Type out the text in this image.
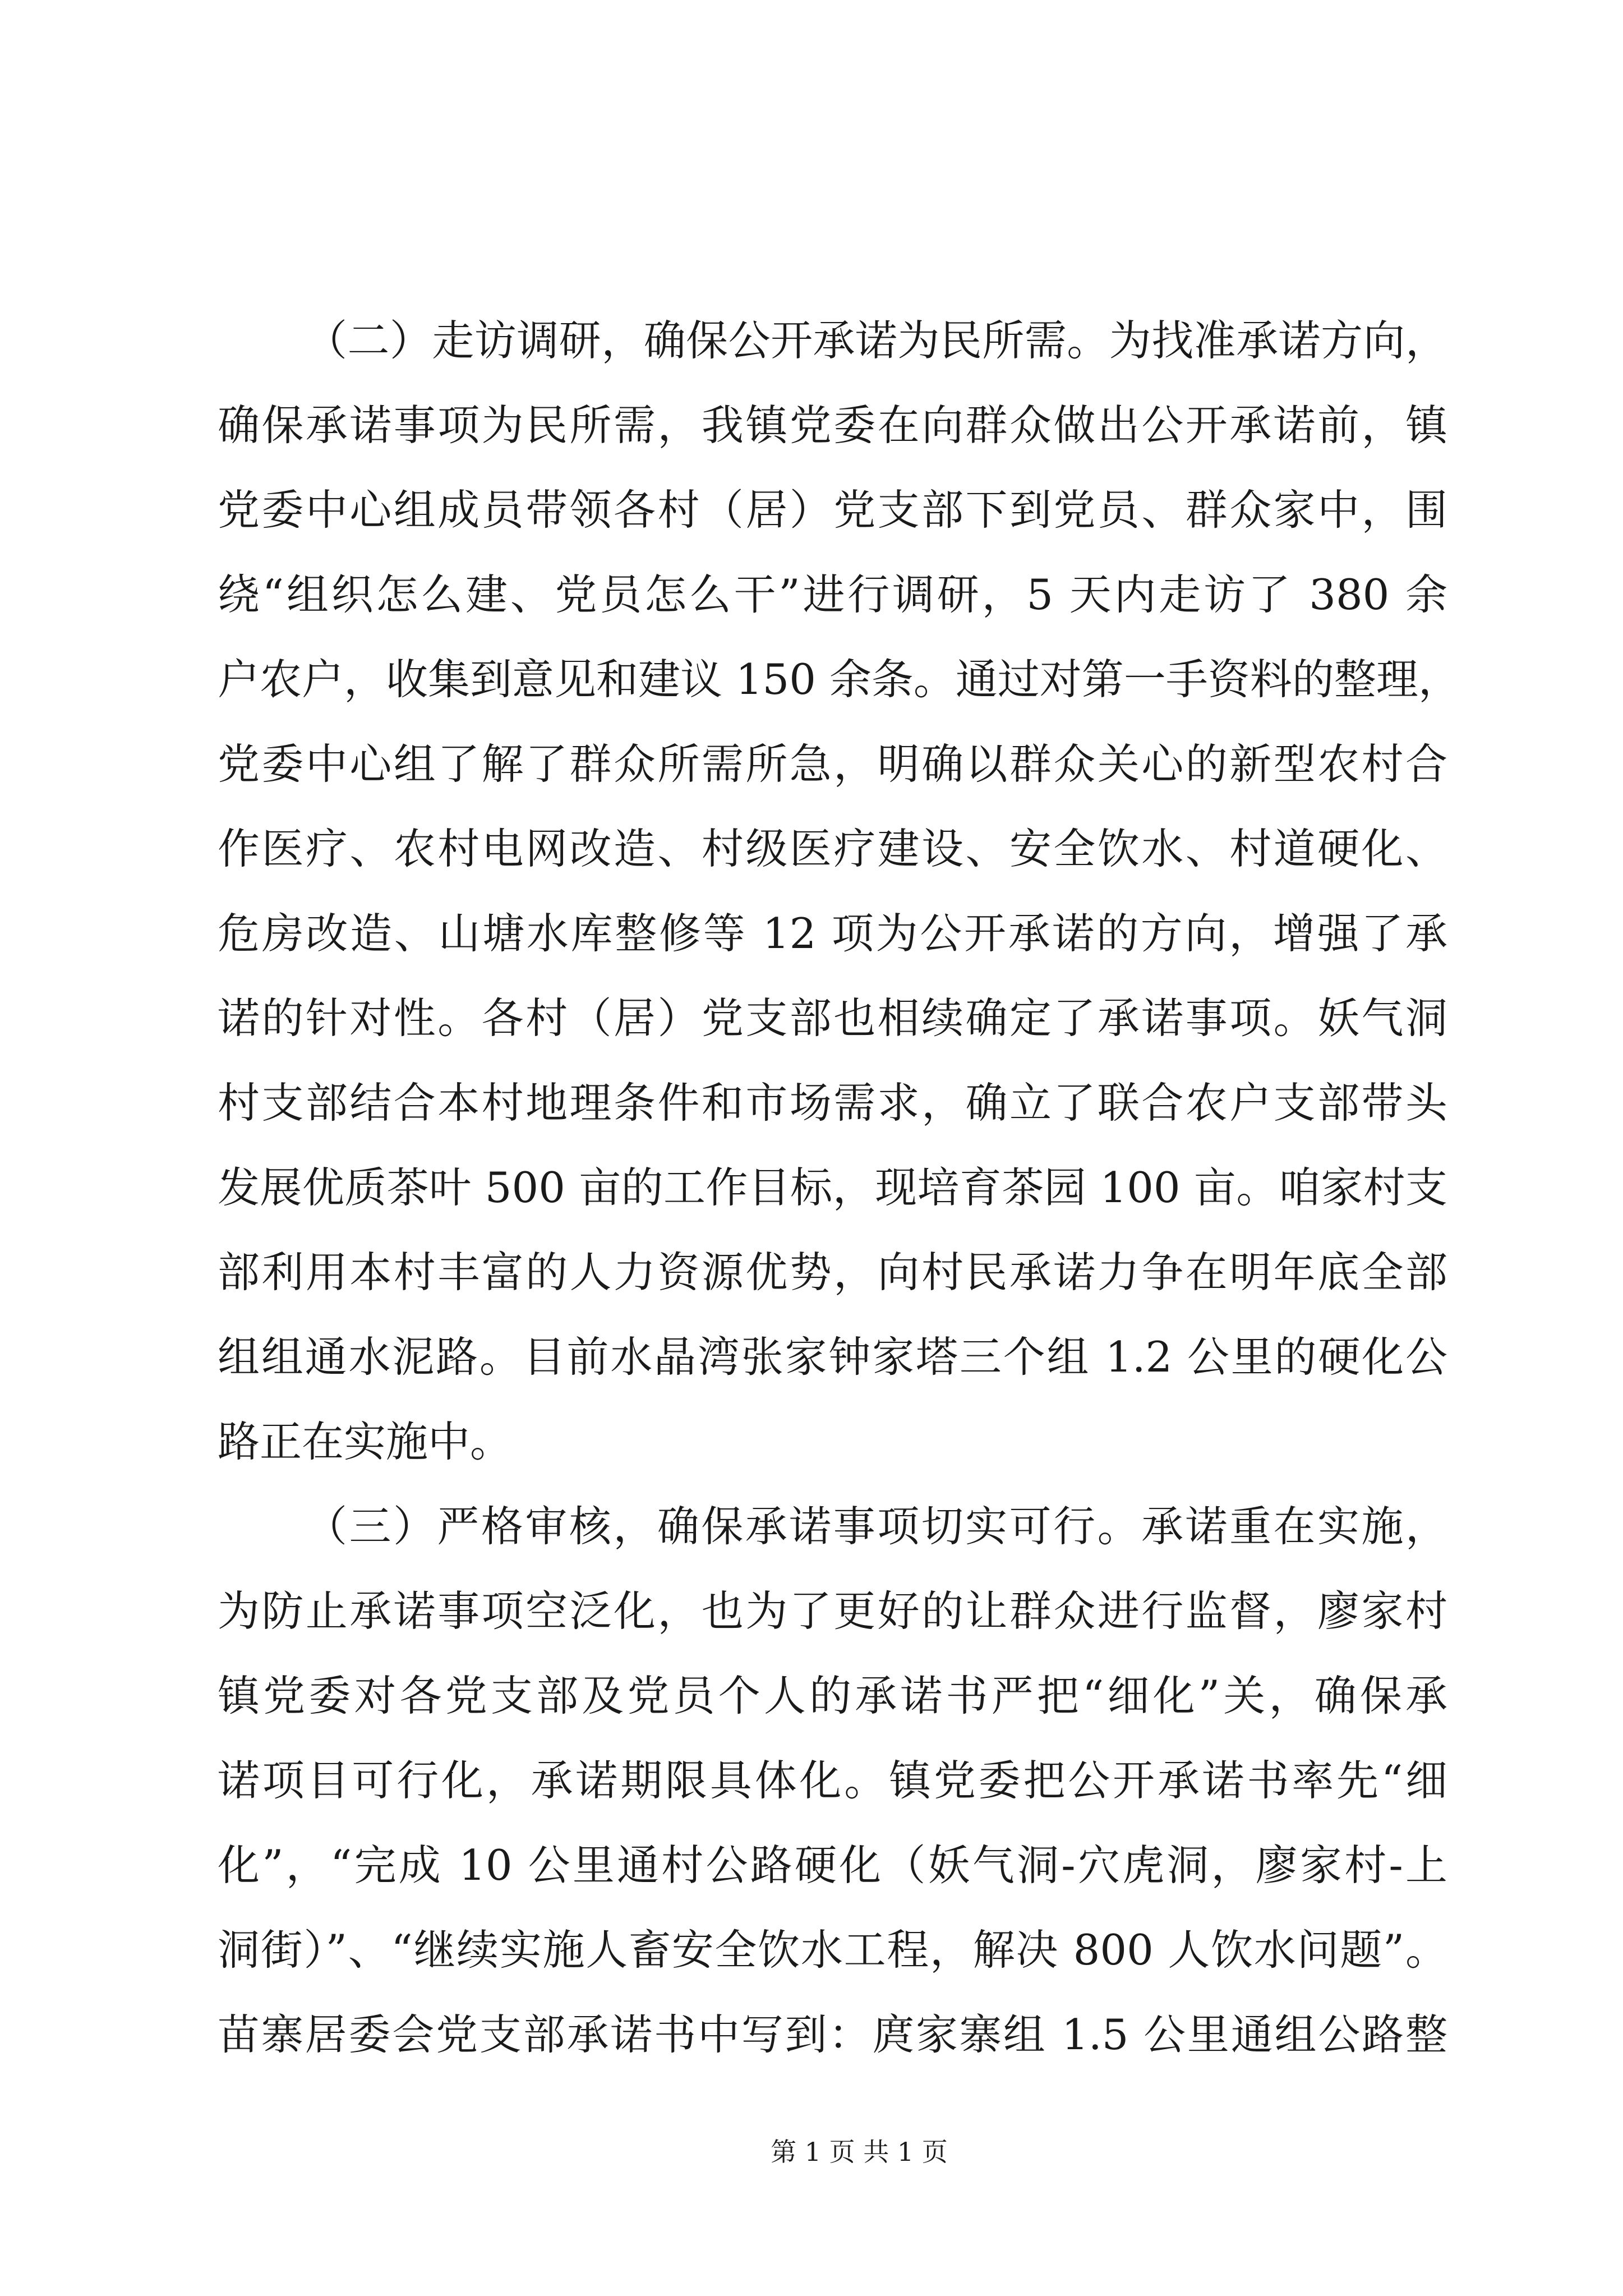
（二）走访调研，确保公开承诺为民所需。为找准承诺方向，
确保承诺事项为民所需，我镇党委在向群众做出公开承诺前，镇
党委中心组成员带领各村（居）党支部下到党员、群众家中，围
绕“组织怎么建、党员怎么干”进行调研，5 天内走访了 380 余
户农户，收集到意见和建议 150 余条。通过对第一手资料的整理，
党委中心组了解了群众所需所急，明确以群众关心的新型农村合
作医疗、农村电网改造、村级医疗建设、安全饮水、村道硬化、
危房改造、山塘水库整修等 12 项为公开承诺的方向，增强了承
诺的针对性。各村（居）党支部也相续确定了承诺事项。妖气洞
村支部结合本村地理条件和市场需求，确立了联合农户支部带头
发展优质茶叶 500 亩的工作目标，现培育茶园 100 亩。咱家村支
部利用本村丰富的人力资源优势，向村民承诺力争在明年底全部
组组通水泥路。目前水晶湾张家钟家塔三个组 1.2 公里的硬化公
路正在实施中。
（三）严格审核，确保承诺事项切实可行。承诺重在实施，
为防止承诺事项空泛化，也为了更好的让群众进行监督，廖家村
镇党委对各党支部及党员个人的承诺书严把“细化”关，确保承
诺项目可行化，承诺期限具体化。镇党委把公开承诺书率先“细
化”，“完成 10 公里通村公路硬化（妖气洞-穴虎洞，廖家村-上
洞街）”、“继续实施人畜安全饮水工程，解决 800 人饮水问题”。
苗寨居委会党支部承诺书中写到：庹家寨组 1.5 公里通组公路整
第 1 页 共 1 页
